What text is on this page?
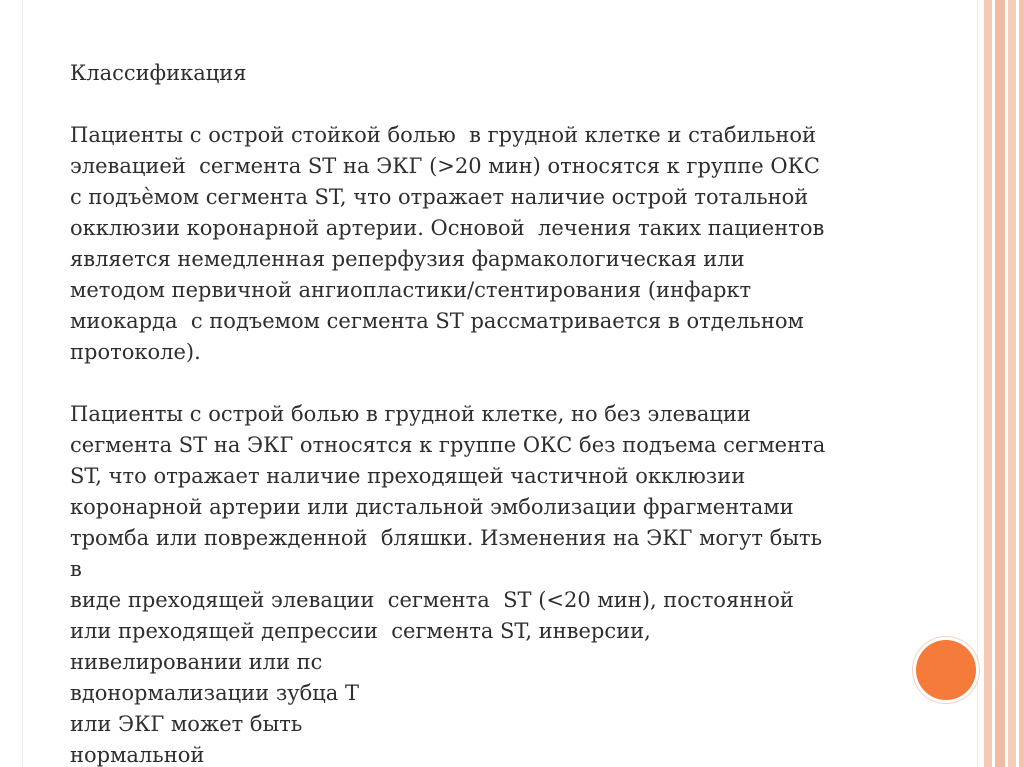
Классификация
Пациенты с острой стойкой болью  в грудной клетке и стабильной
элевацией  сегмента ST на ЭКГ (>20 мин) относятся к группе ОКС
с подъѐмом сегмента ST, что отражает наличие острой тотальной
окклюзии коронарной артерии. Основой  лечения таких пациентов
является немедленная реперфузия фармакологическая или
методом первичной ангиопластики/стентирования (инфаркт
миокарда  с подъемом сегмента ST рассматривается в отдельном
протоколе).
Пациенты с острой болью в грудной клетке, но без элевации
сегмента ST на ЭКГ относятся к группе ОКС без подъема сегмента
ST, что отражает наличие преходящей частичной окклюзии
коронарной артерии или дистальной эмболизации фрагментами
тромба или поврежденной  бляшки. Изменения на ЭКГ могут быть
в
виде преходящей элевации  сегмента  ST (<20 мин), постоянной
или преходящей депрессии  сегмента ST, инверсии,
нивелировании или пс
вдонормализации зубца Т
или ЭКГ может быть
нормальной
